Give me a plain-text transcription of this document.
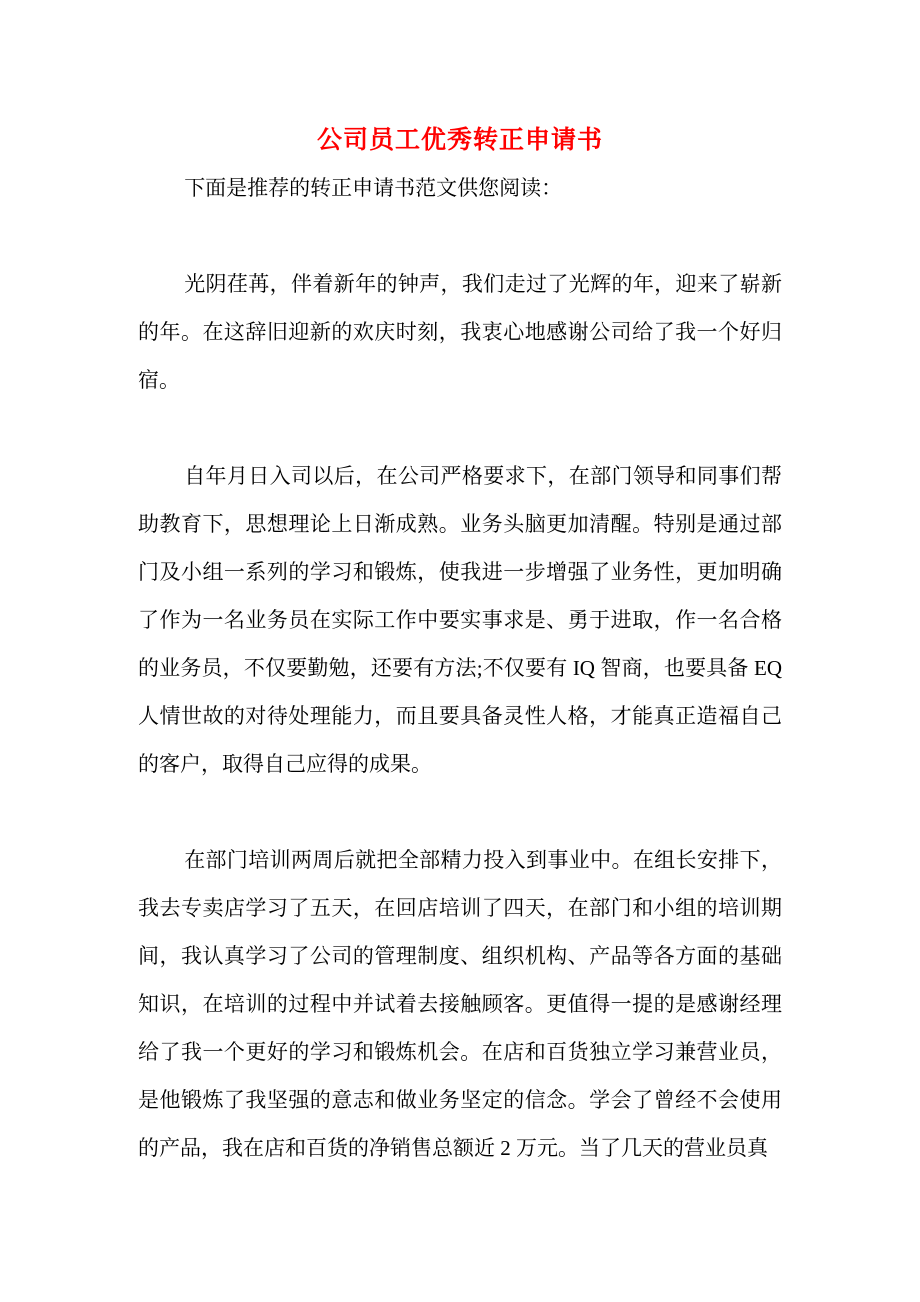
公司员工优秀转正申请书

下面是推荐的转正申请书范文供您阅读：

光阴荏苒，伴着新年的钟声，我们走过了光辉的年，迎来了崭新的年。在这辞旧迎新的欢庆时刻，我衷心地感谢公司给了我一个好归宿。

自年月日入司以后，在公司严格要求下，在部门领导和同事们帮助教育下，思想理论上日渐成熟。业务头脑更加清醒。特别是通过部门及小组一系列的学习和锻炼，使我进一步增强了业务性，更加明确了作为一名业务员在实际工作中要实事求是、勇于进取，作一名合格的业务员，不仅要勤勉，还要有方法;不仅要有 IQ 智商，也要具备 EQ 人情世故的对待处理能力，而且要具备灵性人格，才能真正造福自己的客户，取得自己应得的成果。

在部门培训两周后就把全部精力投入到事业中。在组长安排下，我去专卖店学习了五天，在回店培训了四天，在部门和小组的培训期间，我认真学习了公司的管理制度、组织机构、产品等各方面的基础知识，在培训的过程中并试着去接触顾客。更值得一提的是感谢经理给了我一个更好的学习和锻炼机会。在店和百货独立学习兼营业员，是他锻炼了我坚强的意志和做业务坚定的信念。学会了曾经不会使用的产品，我在店和百货的净销售总额近 2 万元。当了几天的营业员真
